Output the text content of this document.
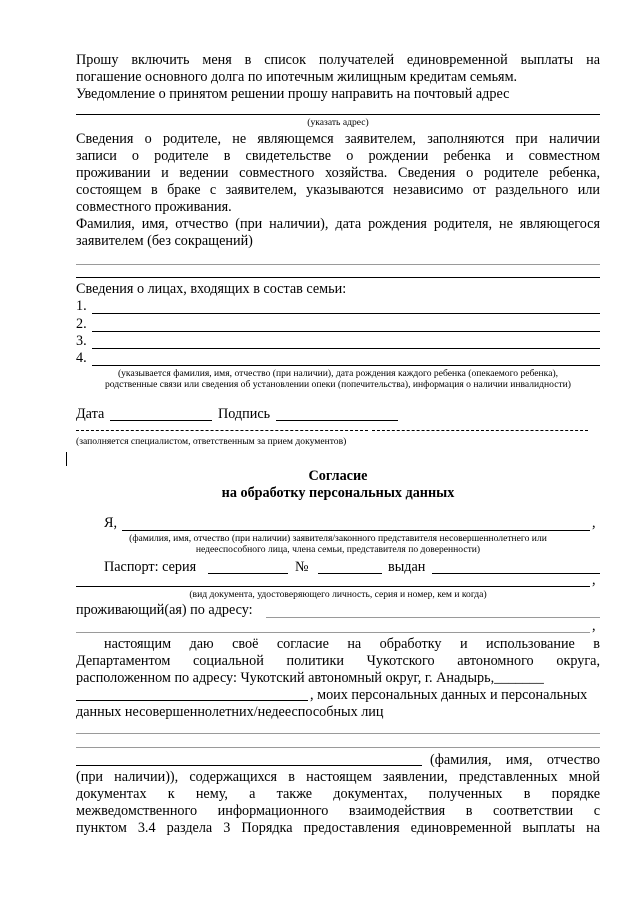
Прошу включить меня в список получателей единовременной выплаты на
погашение основного долга по ипотечным жилищным кредитам семьям.
Уведомление о принятом решении прошу направить на почтовый адрес
(указать адрес)
Сведения о родителе, не являющемся заявителем, заполняются при наличии
записи о родителе в свидетельстве о рождении ребенка и совместном
проживании и ведении совместного хозяйства. Сведения о родителе ребенка,
состоящем в браке с заявителем, указываются независимо от раздельного или
совместного проживания.
Фамилия, имя, отчество (при наличии), дата рождения родителя, не являющегося
заявителем (без сокращений)
Сведения о лицах, входящих в состав семьи:
1.
2.
3.
4.
(указывается фамилия, имя, отчество (при наличии), дата рождения каждого ребенка (опекаемого ребенка),
родственные связи или сведения об установлении опеки (попечительства), информация о наличии инвалидности)
Дата	Подпись
(заполняется специалистом, ответственным за прием документов)
Согласие
на обработку персональных данных
Я,	,
(фамилия, имя, отчество (при наличии) заявителя/законного представителя несовершеннолетнего или
недееспособного лица, члена семьи, представителя по доверенности)
Паспорт: серия	№	выдан
,
(вид документа, удостоверяющего личность, серия и номер, кем и когда)
проживающий(ая) по адресу:
,
настоящим даю своё согласие на обработку и использование в
Департаментом социальной политики Чукотского автономного округа,
расположенном по адресу: Чукотский автономный округ, г. Анадырь,_______
, моих персональных данных и персональных
данных несовершеннолетних/недееспособных лиц
(фамилия, имя, отчество
(при наличии)), содержащихся в настоящем заявлении, представленных мной
документах к нему, а также документах, полученных в порядке
межведомственного информационного взаимодействия в соответствии с
пунктом 3.4 раздела 3 Порядка предоставления единовременной выплаты на
